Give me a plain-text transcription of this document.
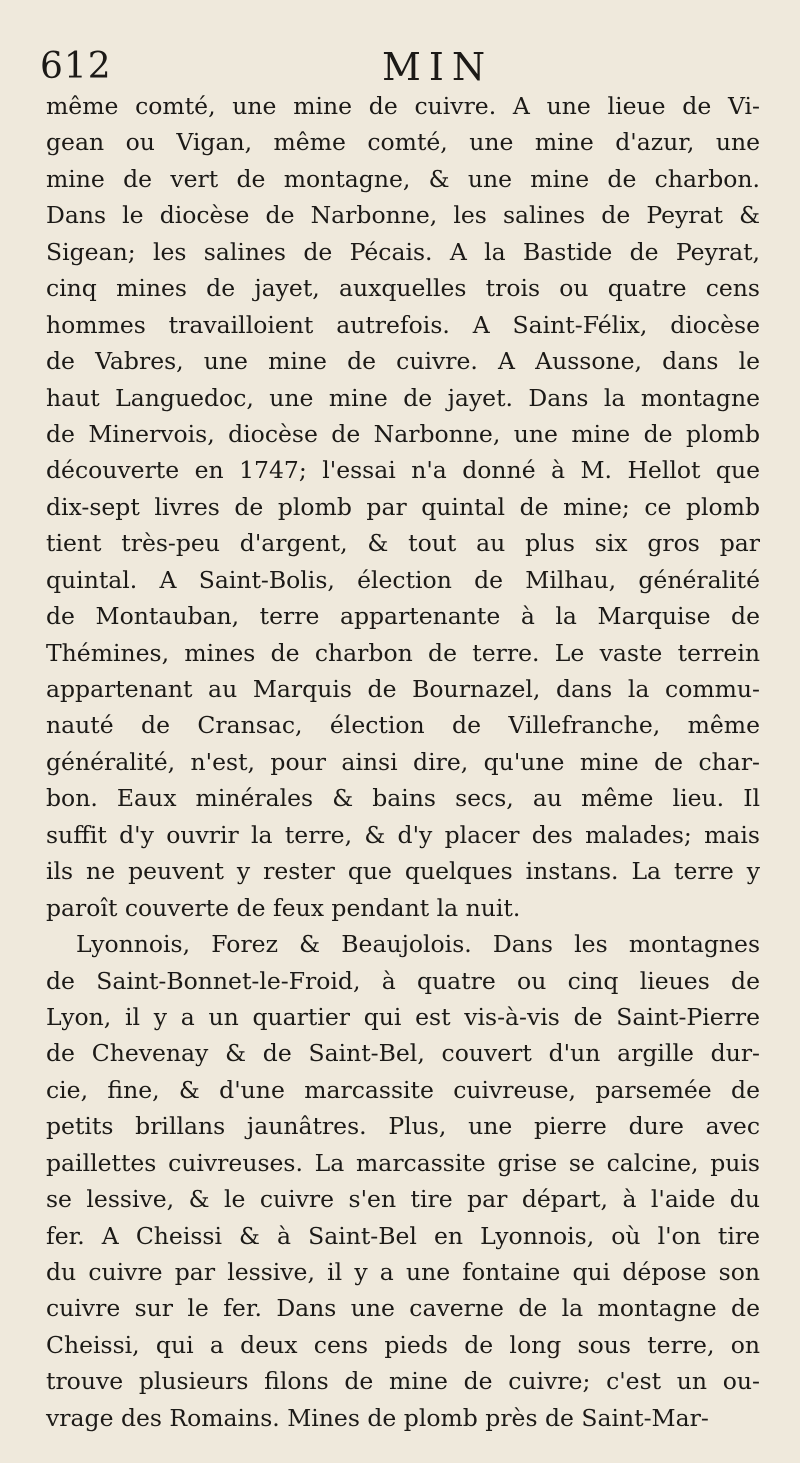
612	MIN
même comté, une mine de cuivre. A une lieue de Vi-
gean ou Vigan, même comté, une mine d'azur, une
mine de vert de montagne, & une mine de charbon.
Dans le diocèse de Narbonne, les salines de Peyrat &
Sigean; les salines de Pécais. A la Bastide de Peyrat,
cinq mines de jayet, auxquelles trois ou quatre cens
hommes travailloient autrefois. A Saint-Félix, diocèse
de Vabres, une mine de cuivre. A Aussone, dans le
haut Languedoc, une mine de jayet. Dans la montagne
de Minervois, diocèse de Narbonne, une mine de plomb
découverte en 1747; l'essai n'a donné à M. Hellot que
dix-sept livres de plomb par quintal de mine; ce plomb
tient très-peu d'argent, & tout au plus six gros par
quintal. A Saint-Bolis, élection de Milhau, généralité
de Montauban, terre appartenante à la Marquise de
Thémines, mines de charbon de terre. Le vaste terrein
appartenant au Marquis de Bournazel, dans la commu-
nauté de Cransac, élection de Villefranche, même
généralité, n'est, pour ainsi dire, qu'une mine de char-
bon. Eaux minérales & bains secs, au même lieu. Il
suffit d'y ouvrir la terre, & d'y placer des malades; mais
ils ne peuvent y rester que quelques instans. La terre y
paroît couverte de feux pendant la nuit.
Lyonnois, Forez & Beaujolois. Dans les montagnes
de Saint-Bonnet-le-Froid, à quatre ou cinq lieues de
Lyon, il y a un quartier qui est vis-à-vis de Saint-Pierre
de Chevenay & de Saint-Bel, couvert d'un argille dur-
cie, fine, & d'une marcassite cuivreuse, parsemée de
petits brillans jaunâtres. Plus, une pierre dure avec
paillettes cuivreuses. La marcassite grise se calcine, puis
se lessive, & le cuivre s'en tire par départ, à l'aide du
fer. A Cheissi & à Saint-Bel en Lyonnois, où l'on tire
du cuivre par lessive, il y a une fontaine qui dépose son
cuivre sur le fer. Dans une caverne de la montagne de
Cheissi, qui a deux cens pieds de long sous terre, on
trouve plusieurs filons de mine de cuivre; c'est un ou-
vrage des Romains. Mines de plomb près de Saint-Mar-
